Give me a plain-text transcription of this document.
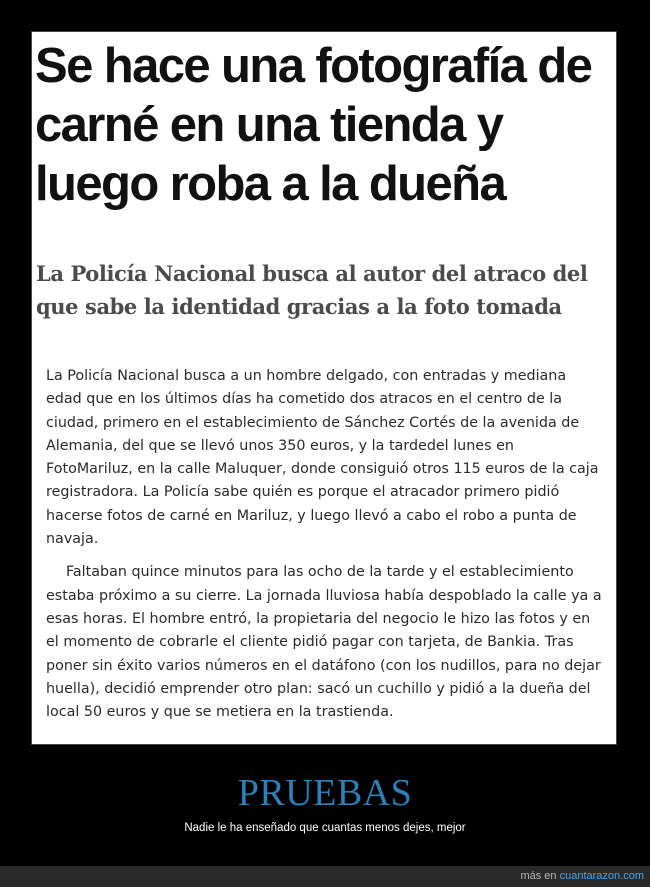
Se hace una fotografía de carné en una tienda y luego roba a la dueña
La Policía Nacional busca al autor del atraco del que sabe la identidad gracias a la foto tomada

La Policía Nacional busca a un hombre delgado, con entradas y mediana edad que en los últimos días ha cometido dos atracos en el centro de la ciudad, primero en el establecimiento de Sánchez Cortés de la avenida de Alemania, del que se llevó unos 350 euros, y la tardedel lunes en FotoMariluz, en la calle Maluquer, donde consiguió otros 115 euros de la caja registradora. La Policía sabe quién es porque el atracador primero pidió hacerse fotos de carné en Mariluz, y luego llevó a cabo el robo a punta de navaja.

Faltaban quince minutos para las ocho de la tarde y el establecimiento estaba próximo a su cierre. La jornada lluviosa había despoblado la calle ya a esas horas. El hombre entró, la propietaria del negocio le hizo las fotos y en el momento de cobrarle el cliente pidió pagar con tarjeta, de Bankia. Tras poner sin éxito varios números en el datáfono (con los nudillos, para no dejar huella), decidió emprender otro plan: sacó un cuchillo y pidió a la dueña del local 50 euros y que se metiera en la trastienda.

PRUEBAS
Nadie le ha enseñado que cuantas menos dejes, mejor
más en cuantarazon.com
